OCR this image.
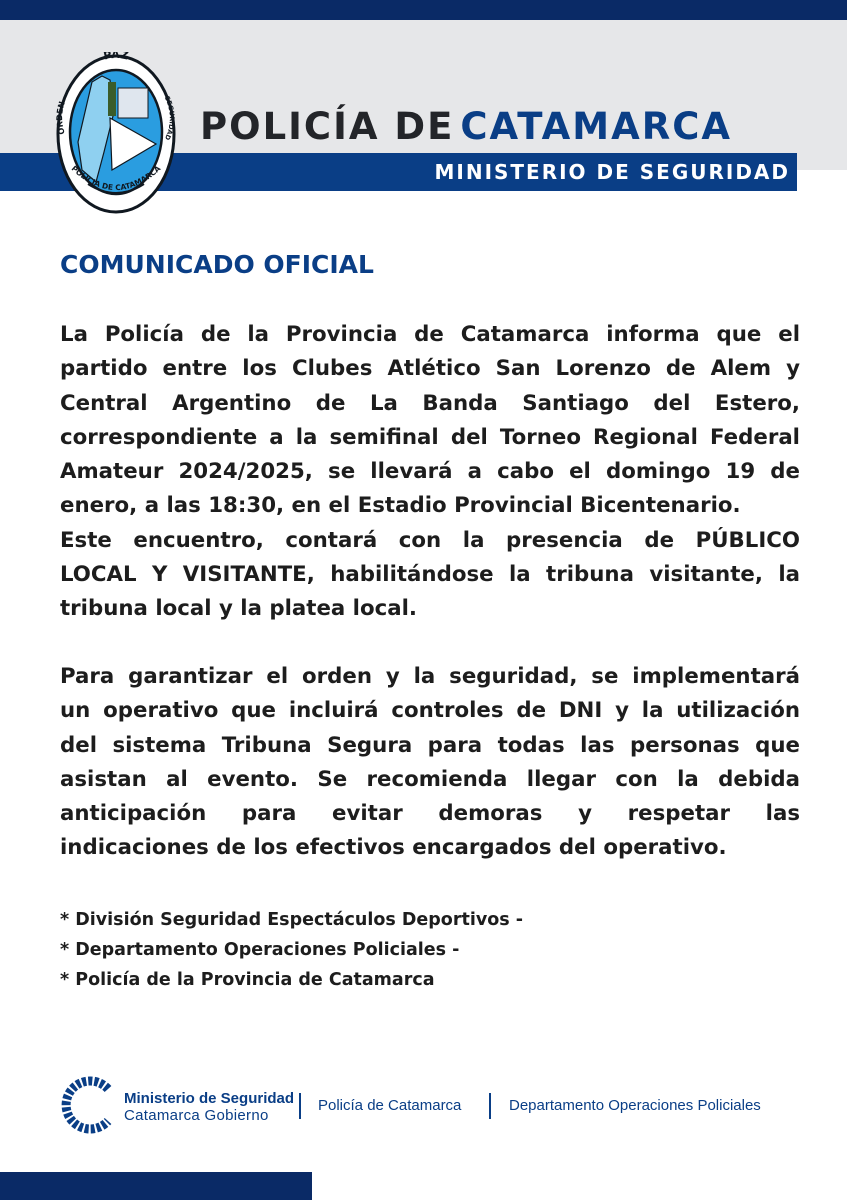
PAZ
ORDEN
SEGURIDAD
POLICIA DE CATAMARCA
POLICÍA DE CATAMARCA
MINISTERIO DE SEGURIDAD
COMUNICADO OFICIAL
La Policía de la Provincia de Catamarca informa que el
partido entre los Clubes Atlético San Lorenzo de Alem y
Central Argentino de La Banda Santiago del Estero,
correspondiente a la semifinal del Torneo Regional Federal
Amateur 2024/2025, se llevará a cabo el domingo 19 de
enero, a las 18:30, en el Estadio Provincial Bicentenario.
Este encuentro, contará con la presencia de PÚBLICO
LOCAL Y VISITANTE, habilitándose la tribuna visitante, la
tribuna local y la platea local.
Para garantizar el orden y la seguridad, se implementará
un operativo que incluirá controles de DNI y la utilización
del sistema Tribuna Segura para todas las personas que
asistan al evento. Se recomienda llegar con la debida
anticipación para evitar demoras y respetar las
indicaciones de los efectivos encargados del operativo.
* División Seguridad Espectáculos Deportivos -
* Departamento Operaciones Policiales -
* Policía de la Provincia de Catamarca
Ministerio de Seguridad
Catamarca Gobierno
Policía de Catamarca	Departamento Operaciones Policiales
